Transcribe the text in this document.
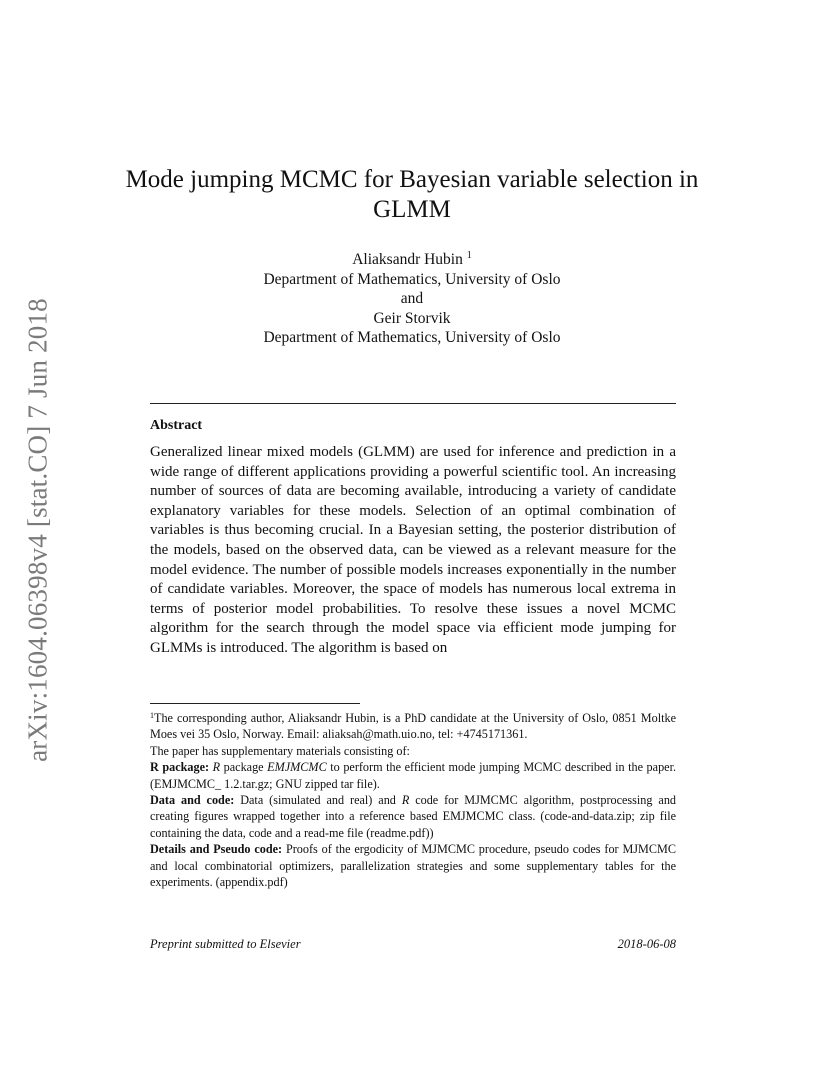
arXiv:1604.06398v4 [stat.CO] 7 Jun 2018
Mode jumping MCMC for Bayesian variable selection in
GLMM
Aliaksandr Hubin $^1$
Department of Mathematics, University of Oslo
and
Geir Storvik
Department of Mathematics, University of Oslo
Abstract
Generalized linear mixed models (GLMM) are used for inference and prediction in a wide range of different applications providing a powerful scientific tool. An increasing number of sources of data are becoming available, introducing a variety of candidate explanatory variables for these models. Selection of an optimal combination of variables is thus becoming crucial. In a Bayesian setting, the posterior distribution of the models, based on the observed data, can be viewed as a relevant measure for the model evidence. The number of possible models increases exponentially in the number of candidate variables. Moreover, the space of models has numerous local extrema in terms of posterior model probabilities. To resolve these issues a novel MCMC algorithm for the search through the model space via efficient mode jumping for GLMMs is introduced. The algorithm is based on

$^1$The corresponding author, Aliaksandr Hubin, is a PhD candidate at the University of Oslo, 0851 Moltke Moes vei 35 Oslo, Norway. Email: aliaksah@math.uio.no, tel: +4745171361.

The paper has supplementary materials consisting of:

R package: R package EMJMCMC to perform the efficient mode jumping MCMC described in the paper. (EMJMCMC_ 1.2.tar.gz; GNU zipped tar file).

Data and code: Data (simulated and real) and R code for MJMCMC algorithm, postprocessing and creating figures wrapped together into a reference based EMJMCMC class. (code-and-data.zip; zip file containing the data, code and a read-me file (readme.pdf))

Details and Pseudo code: Proofs of the ergodicity of MJMCMC procedure, pseudo codes for MJMCMC and local combinatorial optimizers, parallelization strategies and some supplementary tables for the experiments. (appendix.pdf)

Preprint submitted to Elsevier	2018-06-08
